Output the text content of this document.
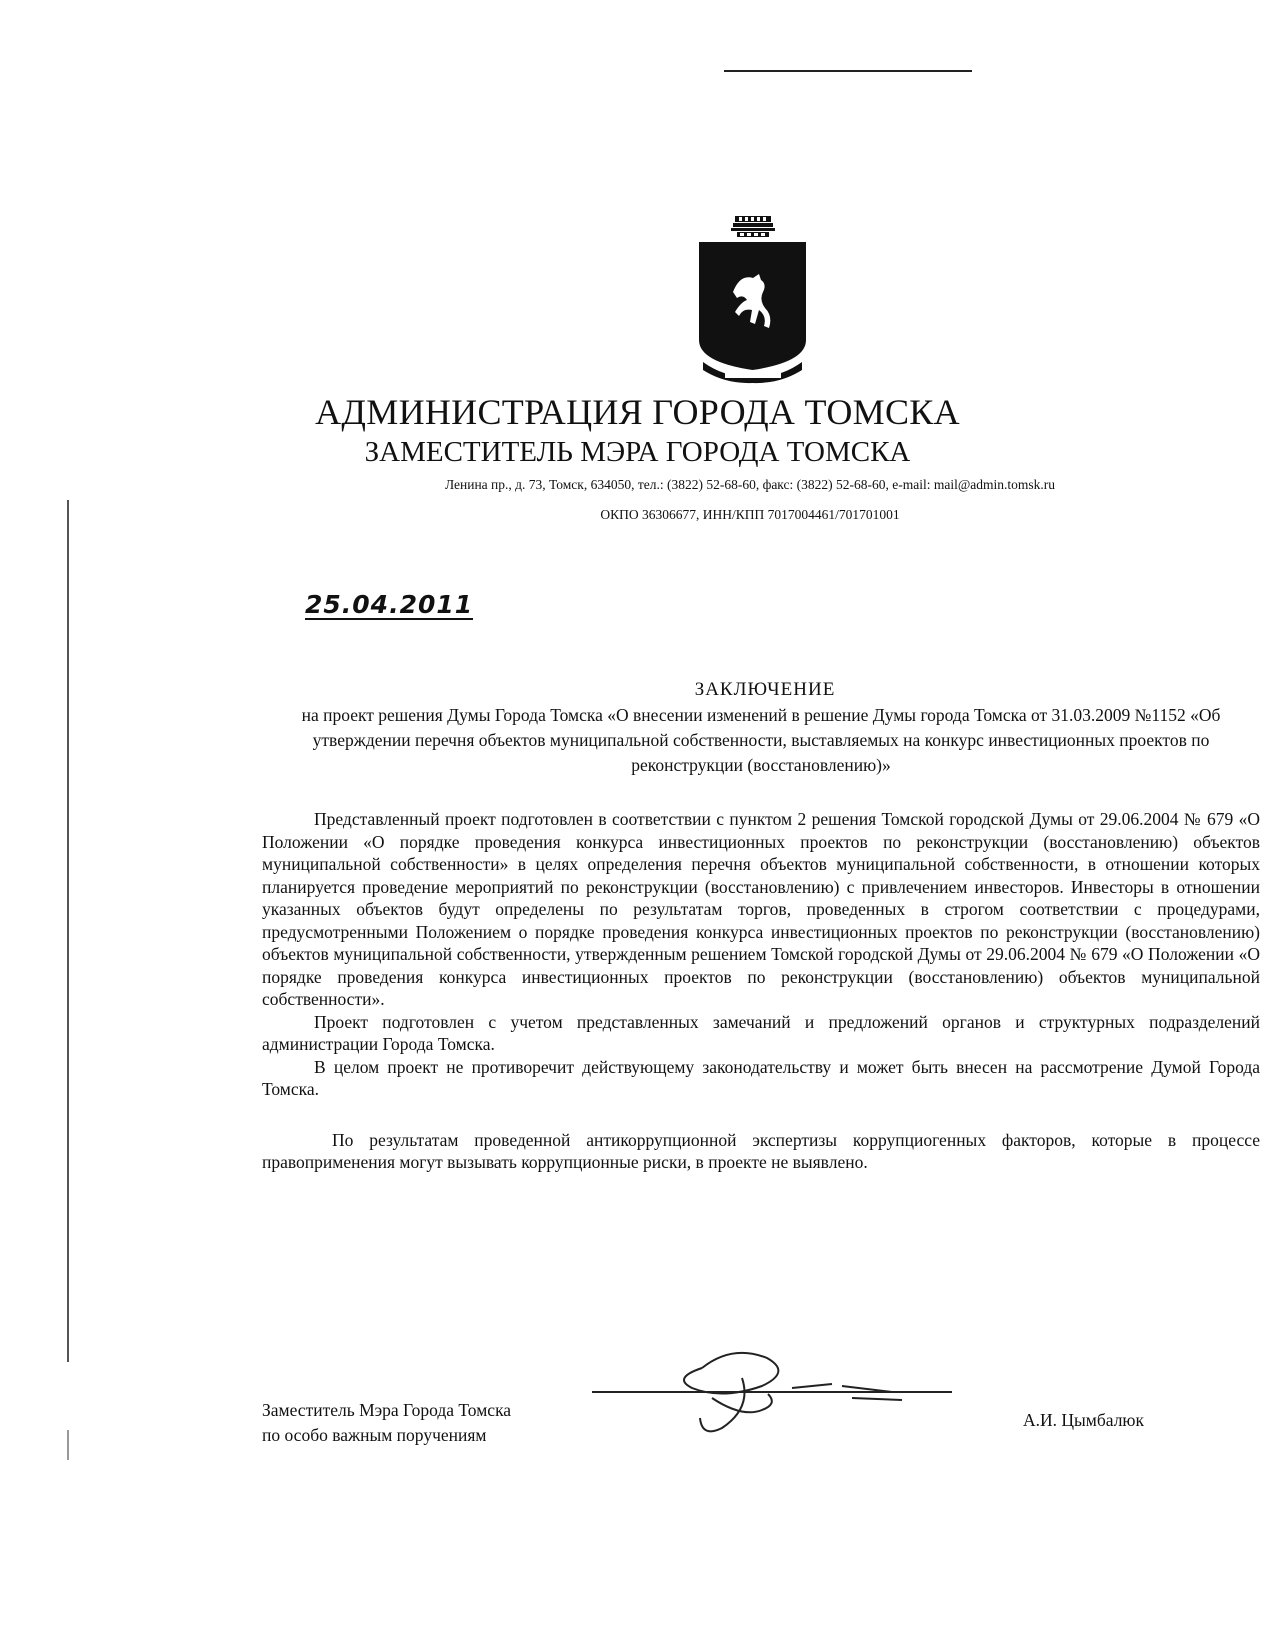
АДМИНИСТРАЦИЯ ГОРОДА ТОМСКА
ЗАМЕСТИТЕЛЬ МЭРА ГОРОДА ТОМСКА
Ленина пр., д. 73, Томск, 634050, тел.: (3822) 52-68-60, факс: (3822) 52-68-60, e-mail: mail@admin.tomsk.ru
ОКПО 36306677, ИНН/КПП 7017004461/701701001
25.04.2011
ЗАКЛЮЧЕНИЕ
на проект решения Думы Города Томска «О внесении изменений в решение Думы города Томска от 31.03.2009 №1152 «Об утверждении перечня объектов муниципальной собственности, выставляемых на конкурс инвестиционных проектов по реконструкции (восстановлению)»

Представленный проект подготовлен в соответствии с пунктом 2 решения Томской городской Думы от 29.06.2004 № 679 «О Положении «О порядке проведения конкурса инвестиционных проектов по реконструкции (восстановлению) объектов муниципальной собственности» в целях определения перечня объектов муниципальной собственности, в отношении которых планируется проведение мероприятий по реконструкции (восстановлению) с привлечением инвесторов. Инвесторы в отношении указанных объектов будут определены по результатам торгов, проведенных в строгом соответствии с процедурами, предусмотренными Положением о порядке проведения конкурса инвестиционных проектов по реконструкции (восстановлению) объектов муниципальной собственности, утвержденным решением Томской городской Думы от 29.06.2004 № 679 «О Положении «О порядке проведения конкурса инвестиционных проектов по реконструкции (восстановлению) объектов муниципальной собственности».

Проект подготовлен с учетом представленных замечаний и предложений органов и структурных подразделений администрации Города Томска.

В целом проект не противоречит действующему законодательству и может быть внесен на рассмотрение Думой Города Томска.

По результатам проведенной антикоррупционной экспертизы коррупциогенных факторов, которые в процессе правоприменения могут вызывать коррупционные риски, в проекте не выявлено.

Заместитель Мэра Города Томска
по особо важным поручениям
А.И. Цымбалюк
